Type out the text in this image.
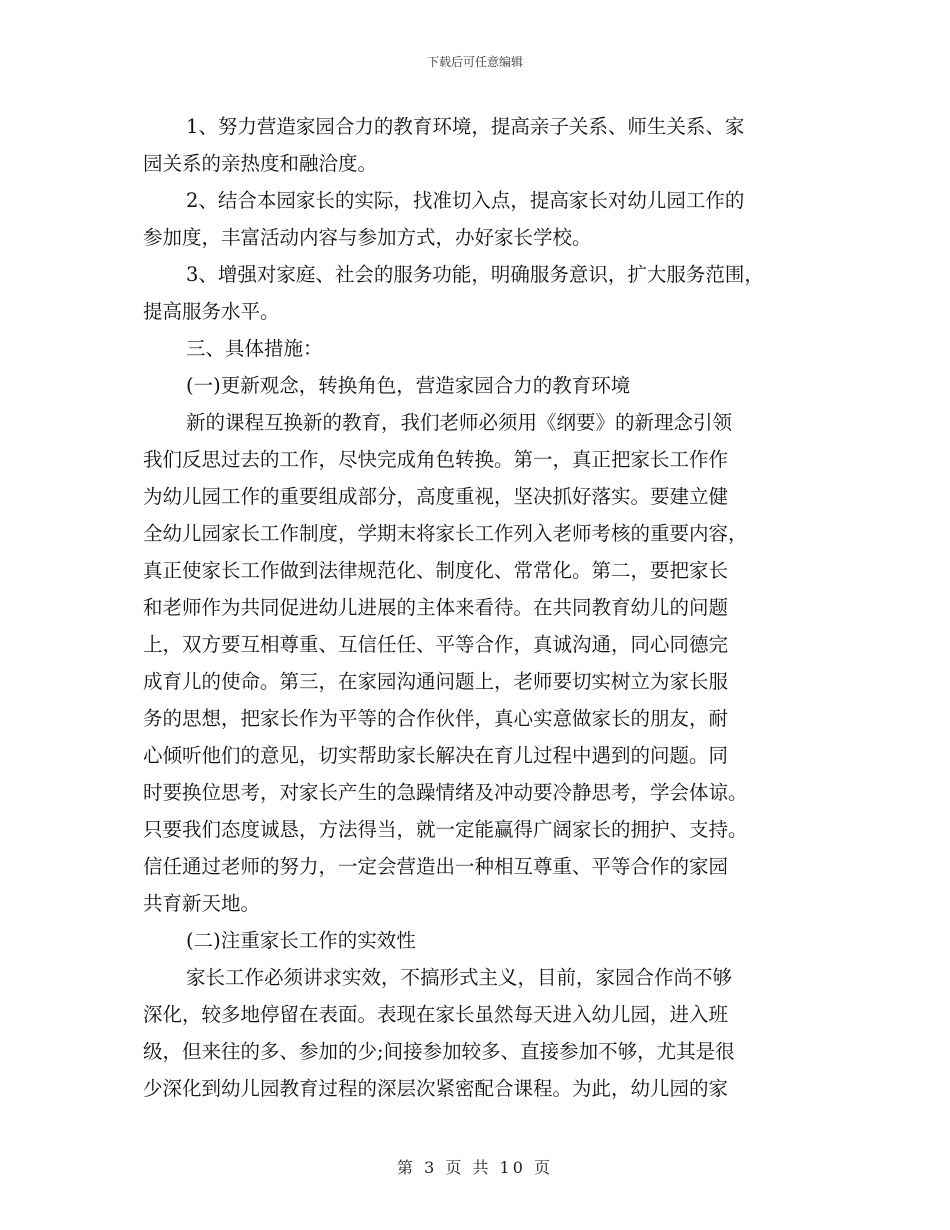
下载后可任意编辑
1、努力营造家园合力的教育环境，提高亲子关系、师生关系、家
园关系的亲热度和融洽度。
2、结合本园家长的实际，找准切入点，提高家长对幼儿园工作的
参加度，丰富活动内容与参加方式，办好家长学校。
3、增强对家庭、社会的服务功能，明确服务意识，扩大服务范围，
提高服务水平。
三、具体措施：
(一)更新观念，转换角色，营造家园合力的教育环境
新的课程互换新的教育，我们老师必须用《纲要》的新理念引领
我们反思过去的工作，尽快完成角色转换。第一，真正把家长工作作
为幼儿园工作的重要组成部分，高度重视，坚决抓好落实。要建立健
全幼儿园家长工作制度，学期末将家长工作列入老师考核的重要内容，
真正使家长工作做到法律规范化、制度化、常常化。第二，要把家长
和老师作为共同促进幼儿进展的主体来看待。在共同教育幼儿的问题
上，双方要互相尊重、互信任任、平等合作，真诚沟通，同心同德完
成育儿的使命。第三，在家园沟通问题上，老师要切实树立为家长服
务的思想，把家长作为平等的合作伙伴，真心实意做家长的朋友，耐
心倾听他们的意见，切实帮助家长解决在育儿过程中遇到的问题。同
时要换位思考，对家长产生的急躁情绪及冲动要冷静思考，学会体谅。
只要我们态度诚恳，方法得当，就一定能赢得广阔家长的拥护、支持。
信任通过老师的努力，一定会营造出一种相互尊重、平等合作的家园
共育新天地。
(二)注重家长工作的实效性
家长工作必须讲求实效，不搞形式主义，目前，家园合作尚不够
深化，较多地停留在表面。表现在家长虽然每天进入幼儿园，进入班
级，但来往的多、参加的少;间接参加较多、直接参加不够，尤其是很
少深化到幼儿园教育过程的深层次紧密配合课程。为此，幼儿园的家
第 3 页 共 10 页
